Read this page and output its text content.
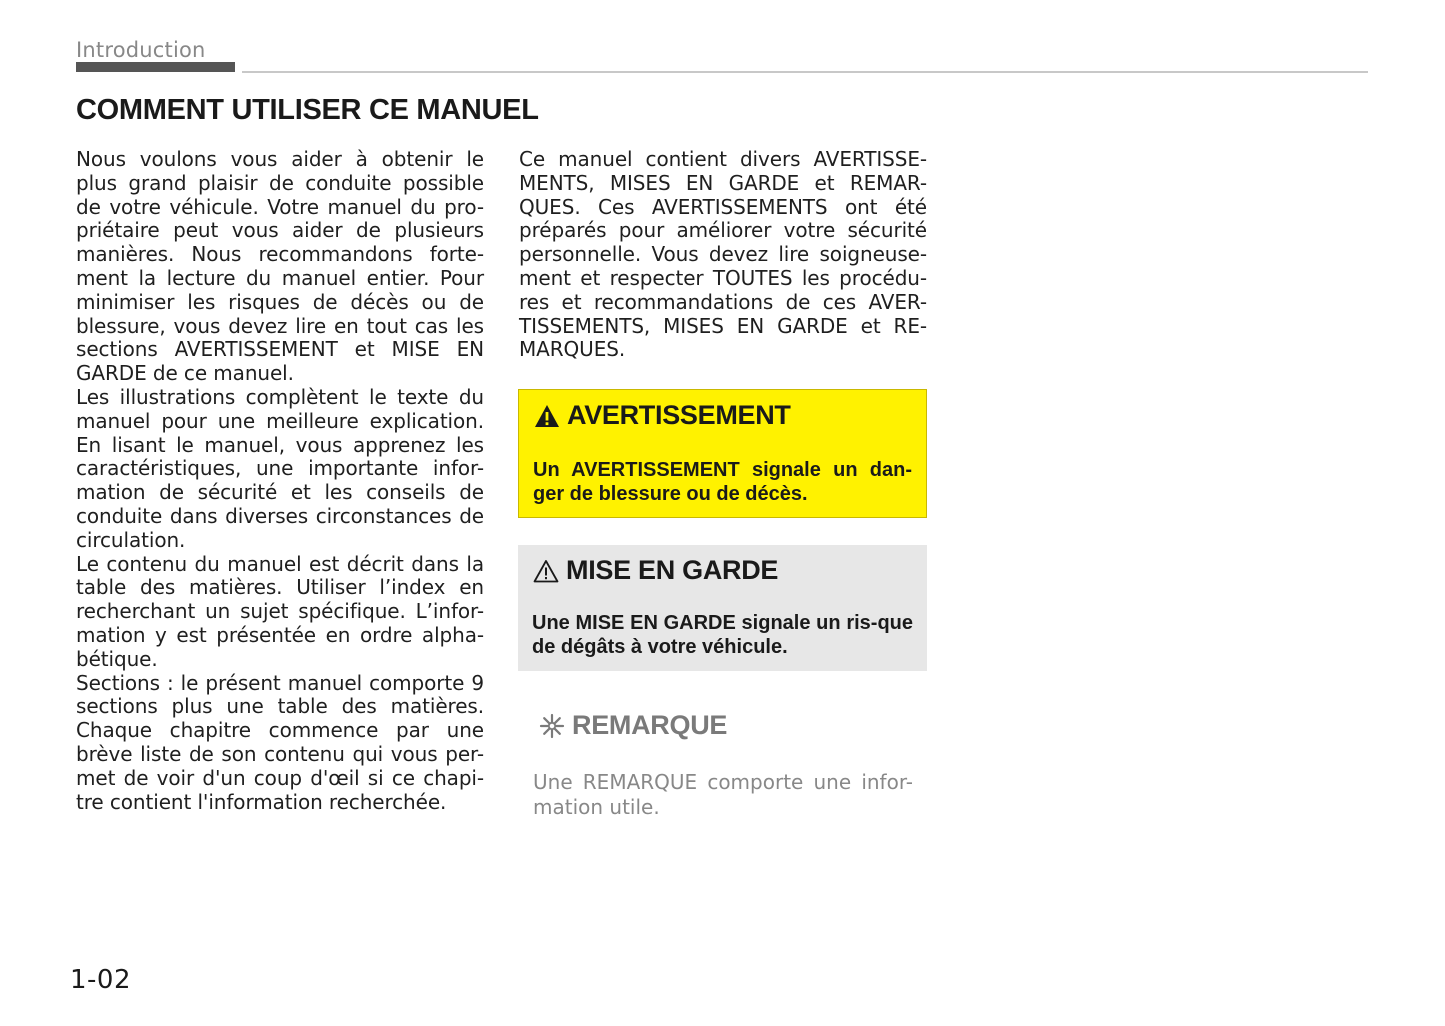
Introduction
COMMENT UTILISER CE MANUEL

Nous voulons vous aider à obtenir le plus grand plaisir de conduite possible de votre véhicule. Votre manuel du pro-priétaire peut vous aider de plusieurs manières. Nous recommandons forte-ment la lecture du manuel entier. Pour minimiser les risques de décès ou de blessure, vous devez lire en tout cas les sections AVERTISSEMENT et MISE EN GARDE de ce manuel.

Les illustrations complètent le texte du manuel pour une meilleure explication. En lisant le manuel, vous apprenez les caractéristiques, une importante infor-mation de sécurité et les conseils de conduite dans diverses circonstances de circulation.

Le contenu du manuel est décrit dans la table des matières. Utiliser l’index en recherchant un sujet spécifique. L’infor-mation y est présentée en ordre alpha-bétique.

Sections : le présent manuel comporte 9 sections plus une table des matières. Chaque chapitre commence par une brève liste de son contenu qui vous per-met de voir d'un coup d'œil si ce chapi-tre contient l'information recherchée.

Ce manuel contient divers AVERTISSE-MENTS, MISES EN GARDE et REMAR-QUES. Ces AVERTISSEMENTS ont été préparés pour améliorer votre sécurité personnelle. Vous devez lire soigneuse-ment et respecter TOUTES les procédu-res et recommandations de ces AVER-TISSEMENTS, MISES EN GARDE et RE-MARQUES.

AVERTISSEMENT

Un AVERTISSEMENT signale un dan-ger de blessure ou de décès.

MISE EN GARDE

Une MISE EN GARDE signale un ris-que de dégâts à votre véhicule.

REMARQUE

Une REMARQUE comporte une infor-mation utile.

1-02
